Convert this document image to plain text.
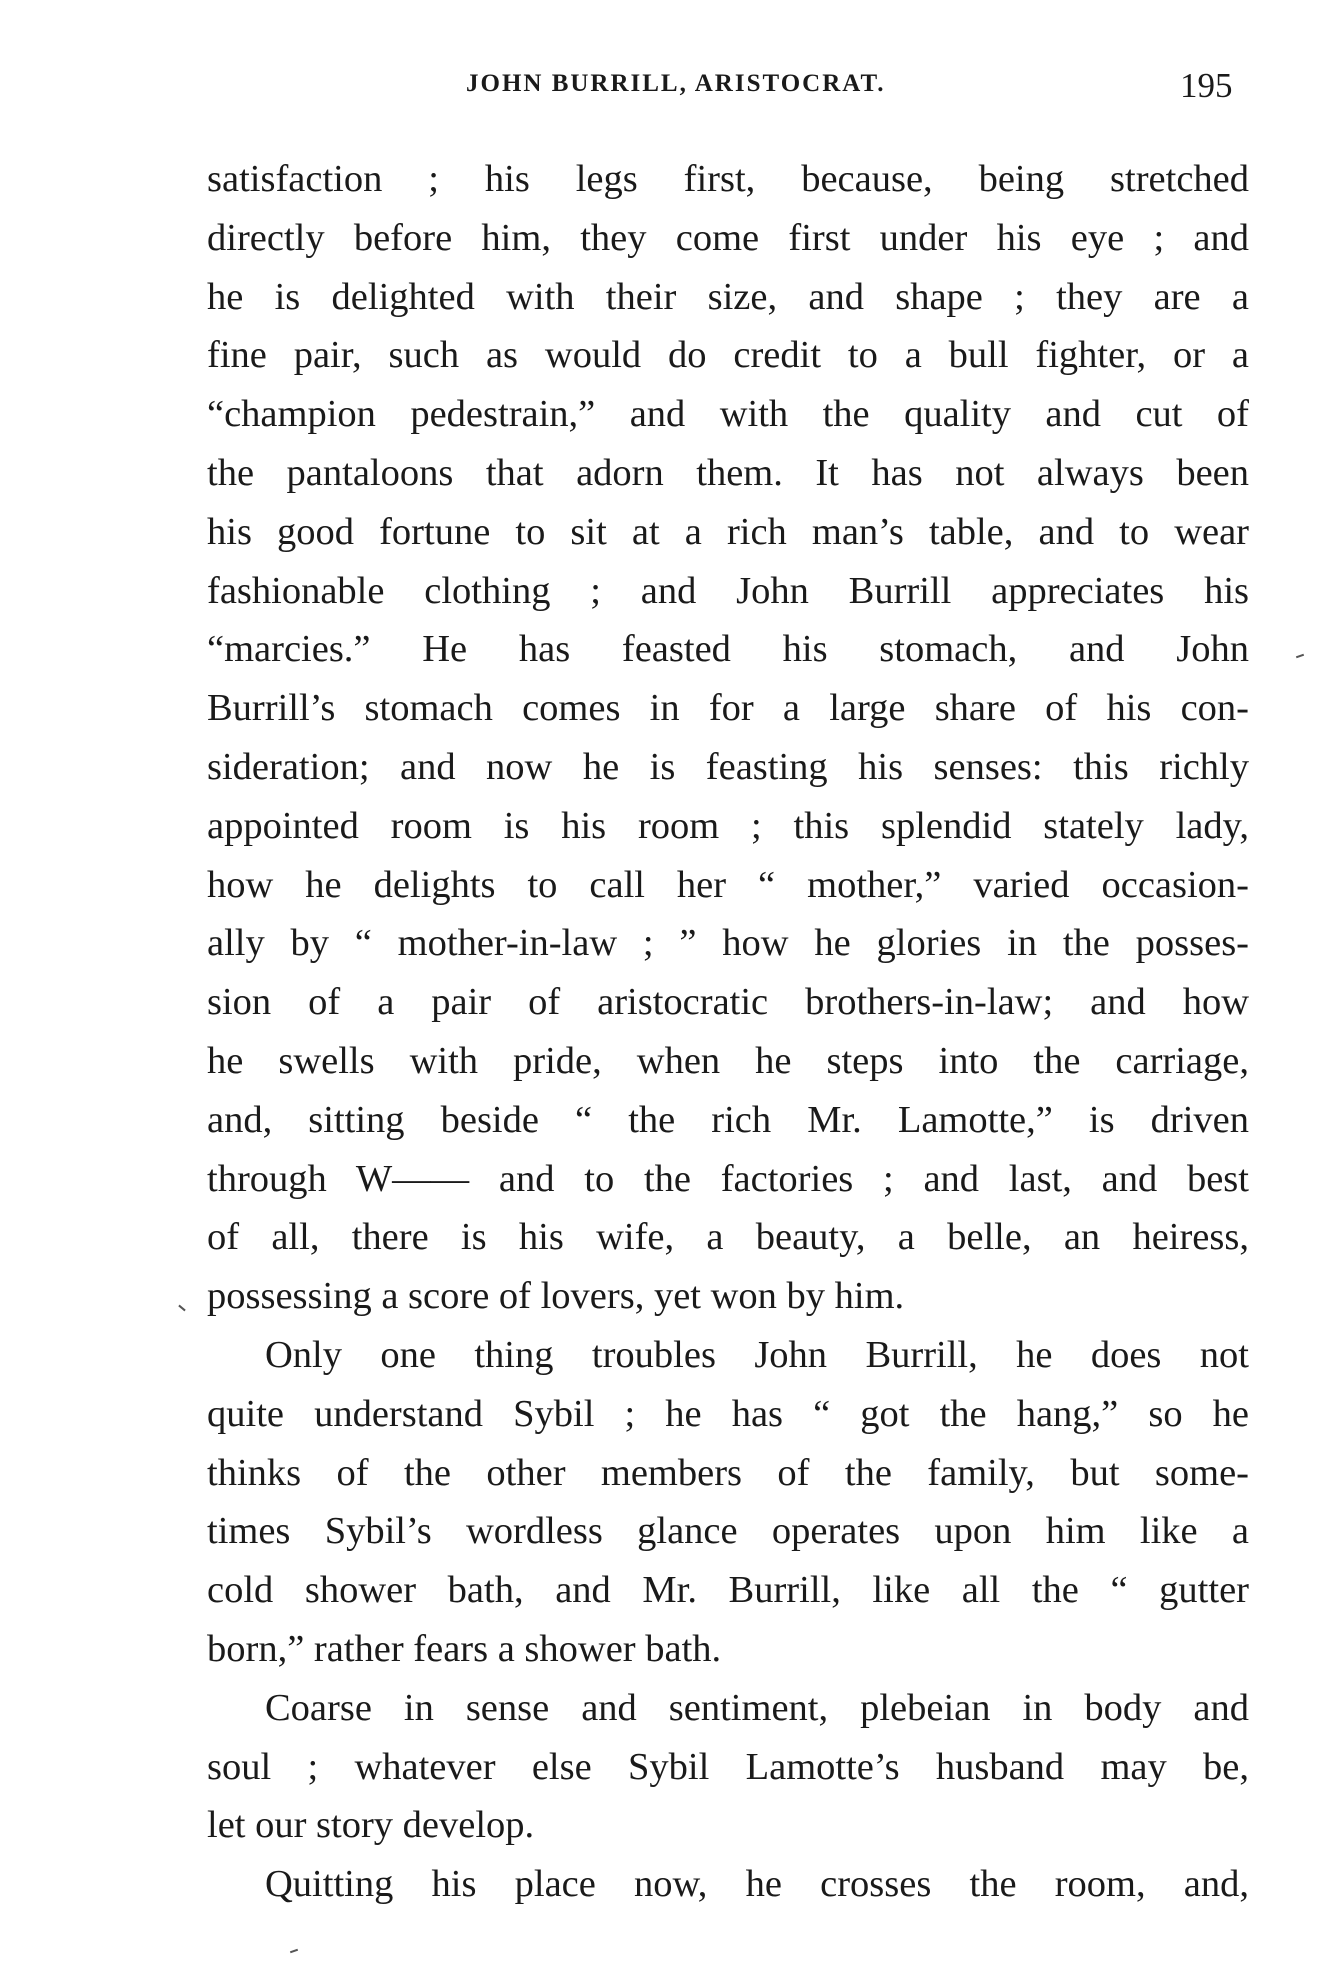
JOHN BURRILL, ARISTOCRAT.	195
satisfaction ; his legs first, because, being stretched
directly before him, they come first under his eye ; and
he is delighted with their size, and shape ; they are a
fine pair, such as would do credit to a bull fighter, or a
“champion pedestrain,” and with the quality and cut of
the pantaloons that adorn them. It has not always been
his good fortune to sit at a rich man’s table, and to wear
fashionable clothing ; and John Burrill appreciates his
“marcies.” He has feasted his stomach, and John
Burrill’s stomach comes in for a large share of his con-
sideration; and now he is feasting his senses: this richly
appointed room is his room ; this splendid stately lady,
how he delights to call her “ mother,” varied occasion-
ally by “ mother-in-law ; ” how he glories in the posses-
sion of a pair of aristocratic brothers-in-law; and how
he swells with pride, when he steps into the carriage,
and, sitting beside “ the rich Mr. Lamotte,” is driven
through W—— and to the factories ; and last, and best
of all, there is his wife, a beauty, a belle, an heiress,
possessing a score of lovers, yet won by him.
Only one thing troubles John Burrill, he does not
quite understand Sybil ; he has “ got the hang,” so he
thinks of the other members of the family, but some-
times Sybil’s wordless glance operates upon him like a
cold shower bath, and Mr. Burrill, like all the “ gutter
born,” rather fears a shower bath.
Coarse in sense and sentiment, plebeian in body and
soul ; whatever else Sybil Lamotte’s husband may be,
let our story develop.
Quitting his place now, he crosses the room, and,
